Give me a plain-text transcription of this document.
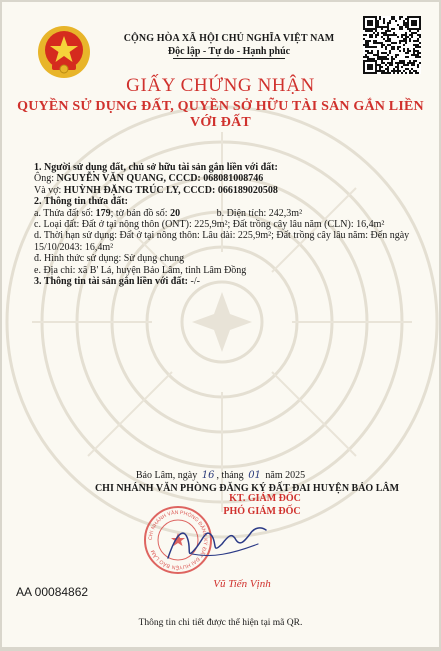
CỘNG HÒA XÃ HỘI CHỦ NGHĨA VIỆT NAM
Độc lập - Tự do - Hạnh phúc
GIẤY CHỨNG NHẬN
QUYỀN SỬ DỤNG ĐẤT, QUYỀN SỞ HỮU TÀI SẢN GẮN LIỀN VỚI ĐẤT
1. Người sử dụng đất, chủ sở hữu tài sản gắn liền với đất:
Ông: NGUYỄN VĂN QUANG, CCCD: 068081008746
Và vợ: HUỲNH ĐẶNG TRÚC LY, CCCD: 066189020508
2. Thông tin thửa đất:
a. Thửa đất số: 179; tờ bản đồ số: 20	b. Diện tích: 242,3m²
c. Loại đất: Đất ở tại nông thôn (ONT): 225,9m²; Đất trồng cây lâu năm (CLN): 16,4m²
d. Thời hạn sử dụng: Đất ở tại nông thôn: Lâu dài: 225,9m²; Đất trồng cây lâu năm: Đến ngày 15/10/2043: 16,4m²
đ. Hình thức sử dụng: Sử dụng chung
e. Địa chỉ: xã B' Lá, huyện Bảo Lâm, tỉnh Lâm Đồng
3. Thông tin tài sản gắn liền với đất: -/-
Bảo Lâm, ngày 16 , tháng 01 năm 2025
CHI NHÁNH VĂN PHÒNG ĐĂNG KÝ ĐẤT ĐAI HUYỆN BẢO LÂM
KT. GIÁM ĐỐC
PHÓ GIÁM ĐỐC
CHI NHÁNH VĂN PHÒNG ĐĂNG KÝ ĐẤT ĐAI HUYỆN BẢO LÂM
Vũ Tiến Vịnh
AA 00084862
Thông tin chi tiết được thể hiện tại mã QR.
